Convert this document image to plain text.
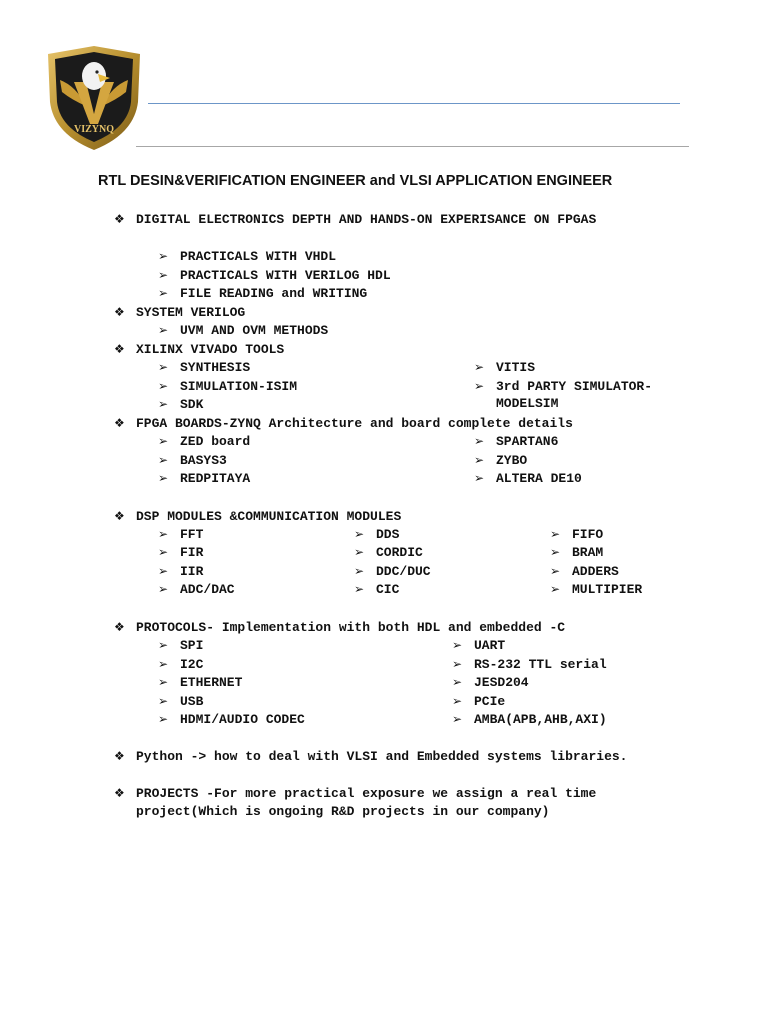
VIZYNQ
RTL DESIN&VERIFICATION ENGINEER and VLSI APPLICATION ENGINEER
❖ DIGITAL ELECTRONICS DEPTH AND HANDS-ON EXPERISANCE ON FPGAS
➢ PRACTICALS WITH VHDL
➢ PRACTICALS WITH VERILOG HDL
➢ FILE READING and WRITING
❖ SYSTEM VERILOG
➢ UVM AND OVM METHODS
❖ XILINX VIVADO TOOLS
➢ SYNTHESIS
➢ SIMULATION-ISIM
➢ SDK
➢ VITIS
➢ 3rd PARTY SIMULATOR-
MODELSIM
❖ FPGA BOARDS-ZYNQ Architecture and board complete details
➢ ZED board
➢ BASYS3
➢ REDPITAYA
➢ SPARTAN6
➢ ZYBO
➢ ALTERA DE10
❖ DSP MODULES &COMMUNICATION MODULES
➢ FFT
➢ FIR
➢ IIR
➢ ADC/DAC
➢ DDS
➢ CORDIC
➢ DDC/DUC
➢ CIC
➢ FIFO
➢ BRAM
➢ ADDERS
➢ MULTIPIER
❖ PROTOCOLS- Implementation with both HDL and embedded -C
➢ SPI
➢ I2C
➢ ETHERNET
➢ USB
➢ HDMI/AUDIO CODEC
➢ UART
➢ RS-232 TTL serial
➢ JESD204
➢ PCIe
➢ AMBA(APB,AHB,AXI)
❖ Python -> how to deal with VLSI and Embedded systems libraries.
❖ PROJECTS -For more practical exposure we assign a real time
project(Which is ongoing R&D projects in our company)
